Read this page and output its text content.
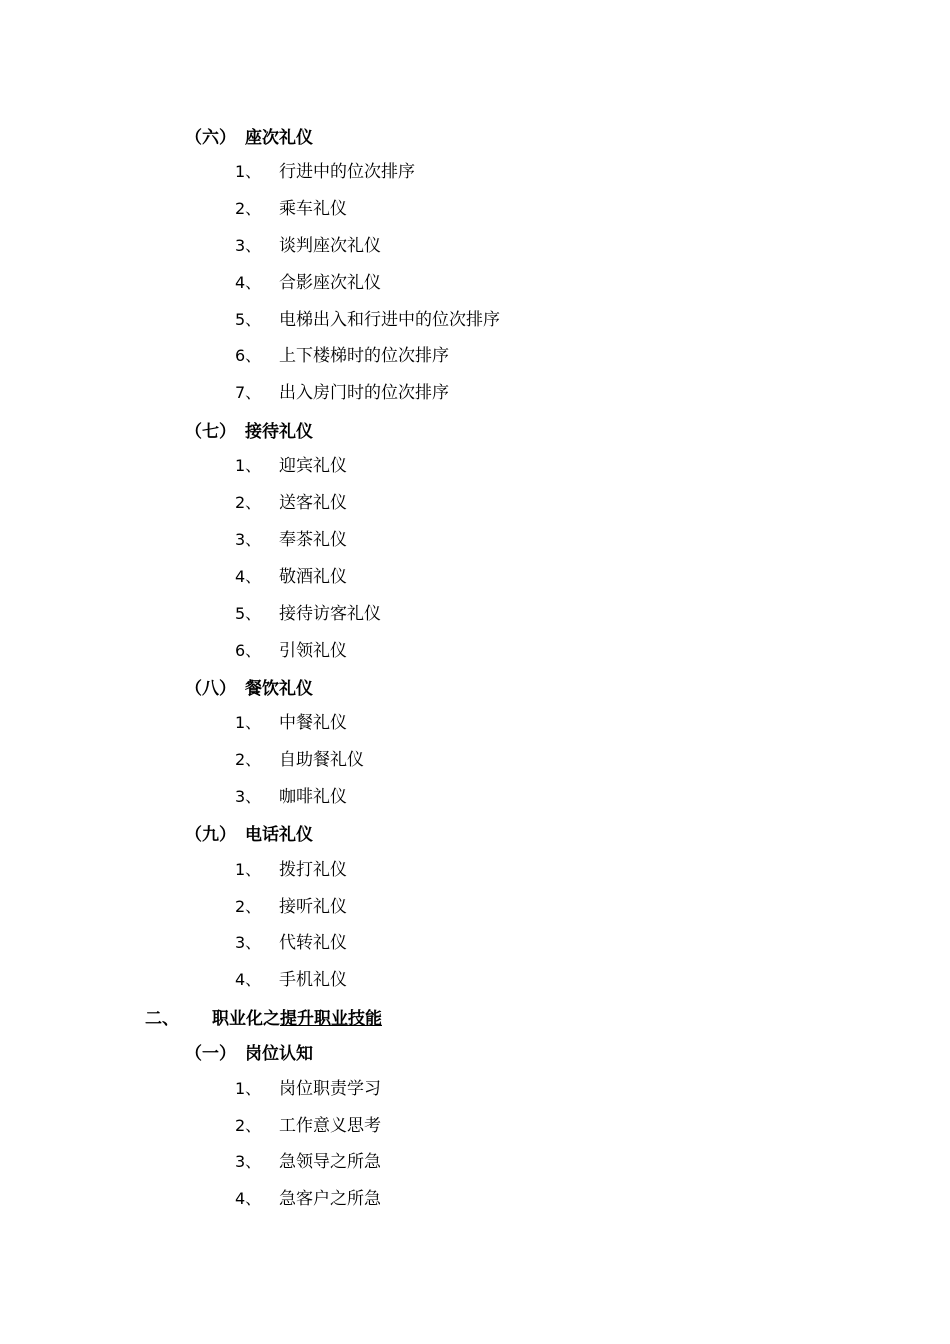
（六） 座次礼仪
1、 行进中的位次排序
2、 乘车礼仪
3、 谈判座次礼仪
4、 合影座次礼仪
5、 电梯出入和行进中的位次排序
6、 上下楼梯时的位次排序
7、 出入房门时的位次排序
（七） 接待礼仪
1、 迎宾礼仪
2、 送客礼仪
3、 奉茶礼仪
4、 敬酒礼仪
5、 接待访客礼仪
6、 引领礼仪
（八） 餐饮礼仪
1、 中餐礼仪
2、 自助餐礼仪
3、 咖啡礼仪
（九） 电话礼仪
1、 拨打礼仪
2、 接听礼仪
3、 代转礼仪
4、 手机礼仪
二、 职业化之提升职业技能
（一） 岗位认知
1、 岗位职责学习
2、 工作意义思考
3、 急领导之所急
4、 急客户之所急
